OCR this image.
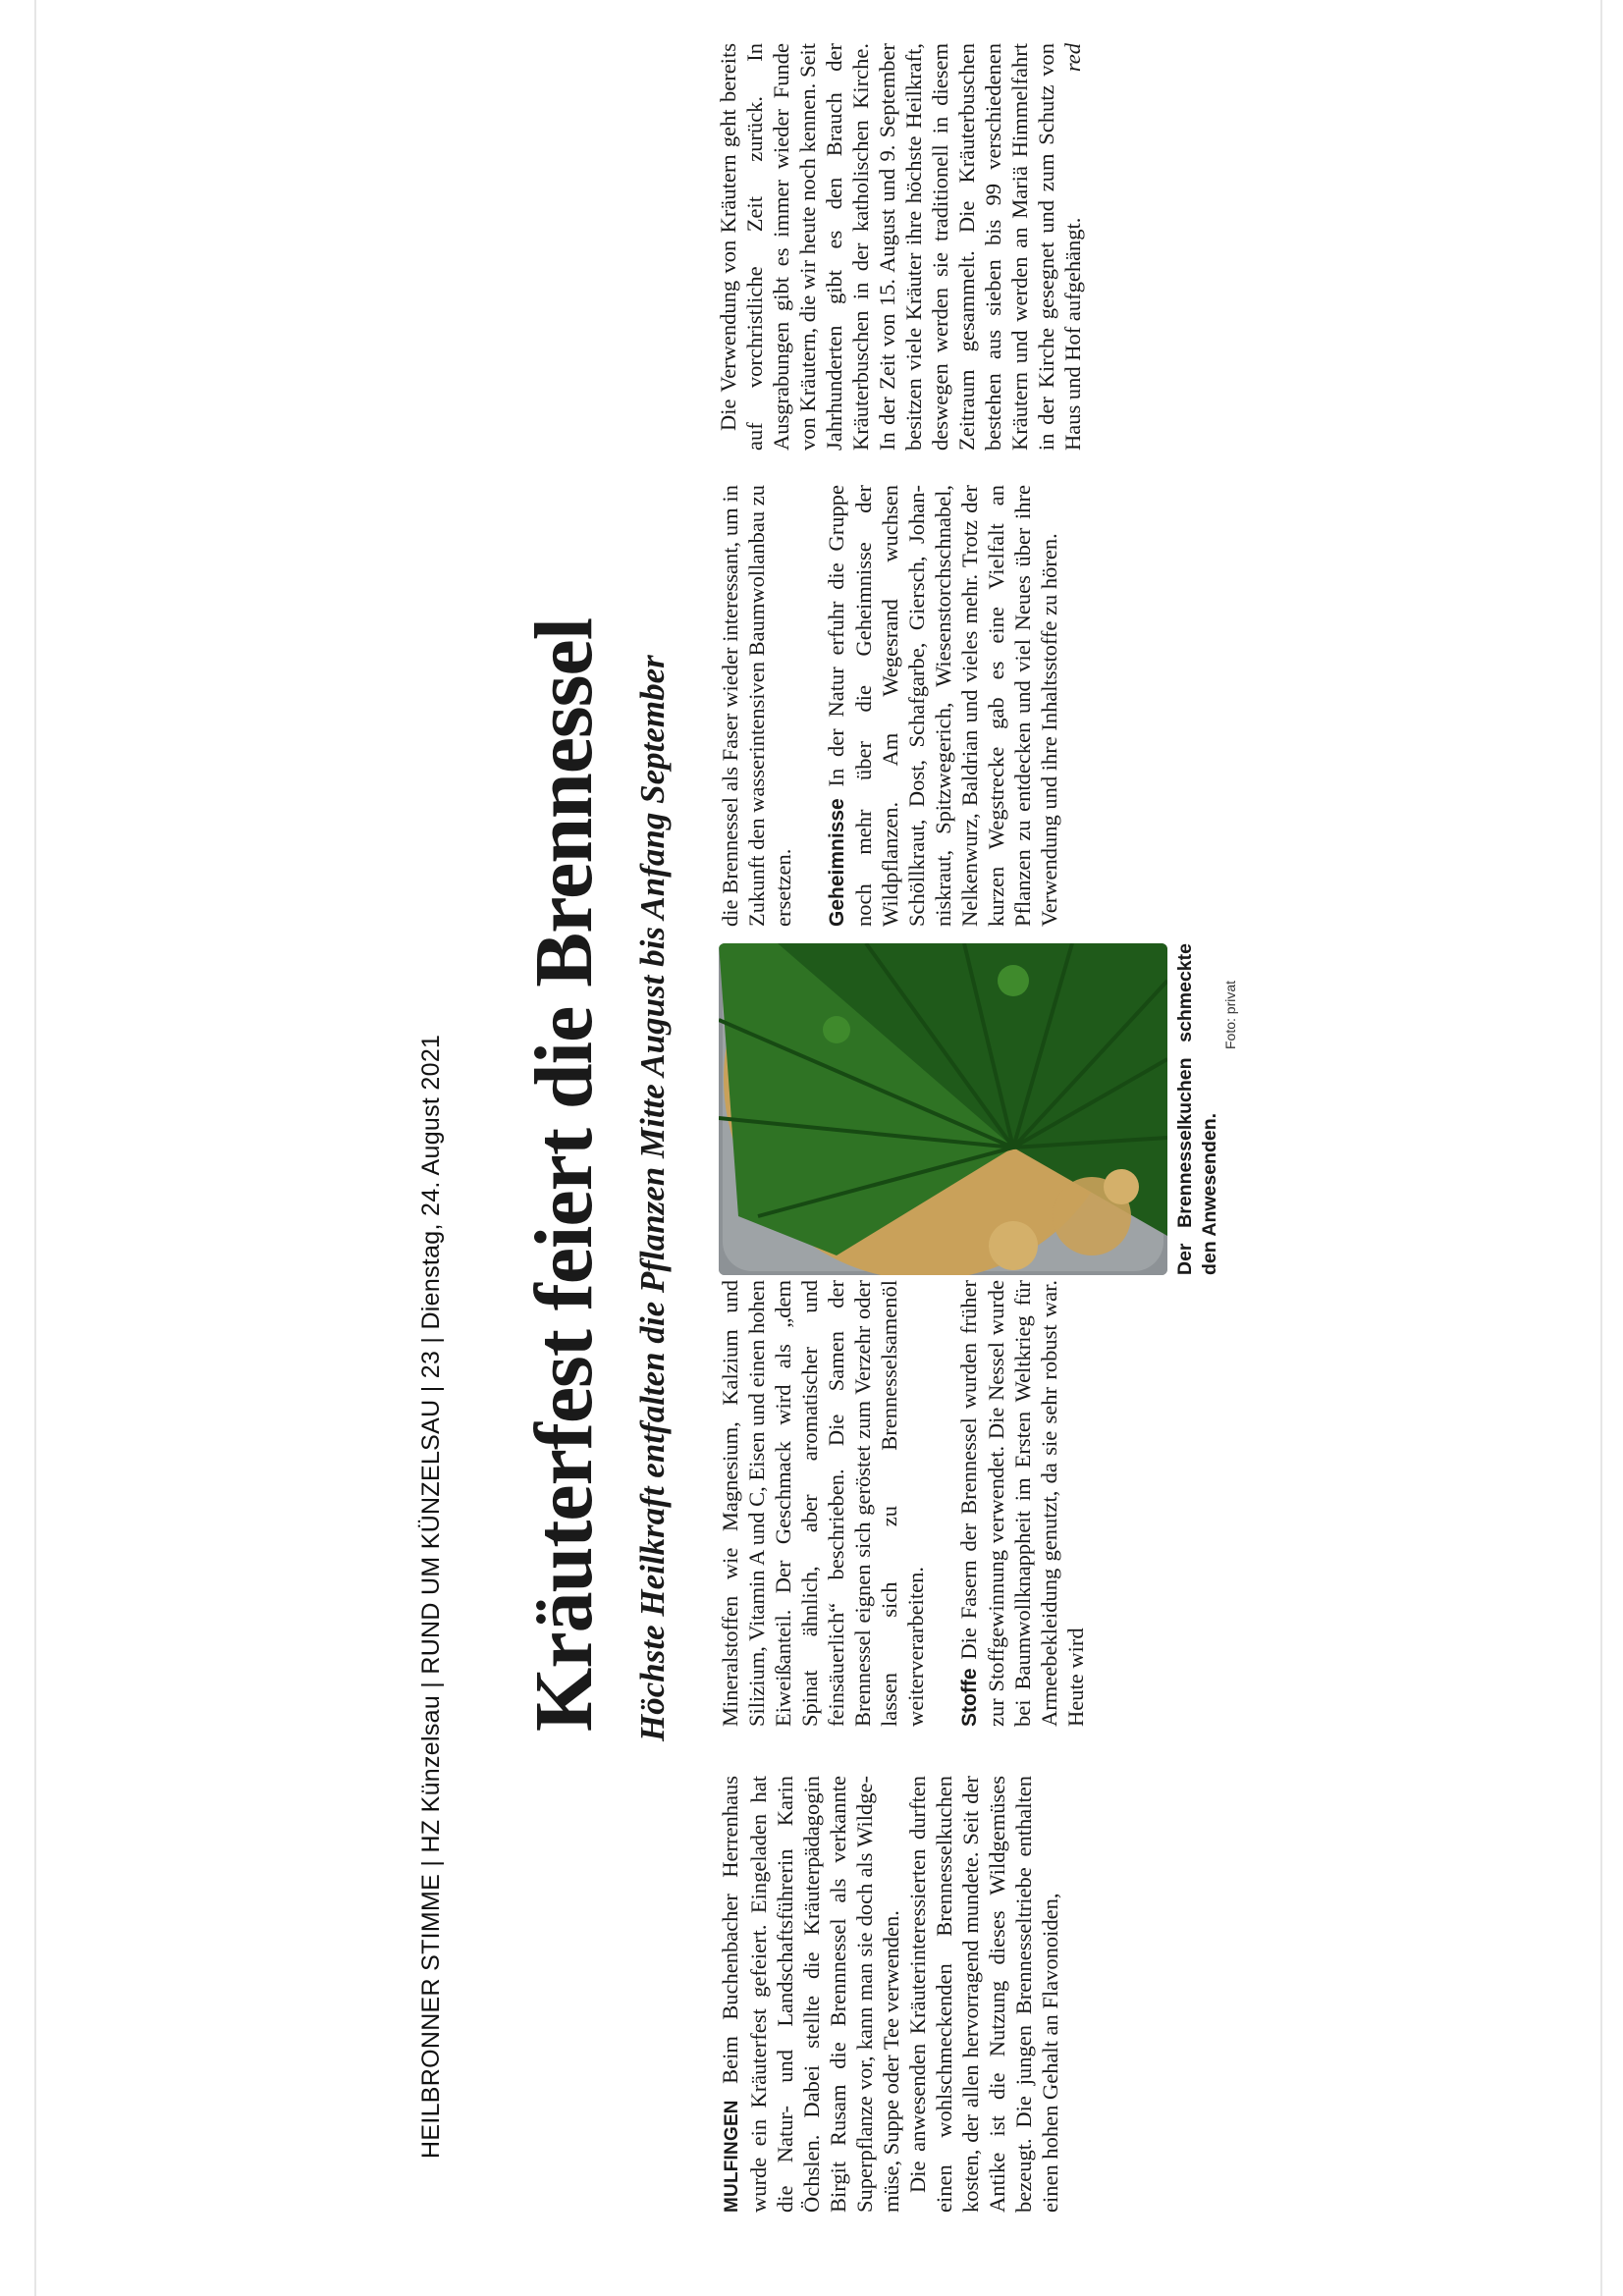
HEILBRONNER STIMME | HZ Künzelsau | RUND UM KÜNZELSAU | 23 | Dienstag, 24. August 2021 Kräuterfest feiert die Brennessel Höchste Heilkraft entfalten die Pflanzen Mitte August bis Anfang September

MULFINGEN Beim Buchenbacher Herrenhaus wurde ein Kräuterfest gefeiert. Eingeladen hat die Natur- und Landschaftsführerin Karin Öchslen. Dabei stellte die Kräuterpädagogin Birgit Rusam die Brennnessel als verkannte Superpflanze vor, kann man sie doch als Wildgemüse, Suppe oder Tee verwenden. Die anwesenden Kräuterinteressierten durften einen wohlschmeckenden Brennesselkuchen kosten, der allen hervorragend mundete. Seit der Antike ist die Nutzung dieses Wildgemüses bezeugt. Die jungen Brennesseltriebe enthalten einen hohen Gehalt an Flavonoiden,

Mineralstoffen wie Magnesium, Kalzium und Silizium, Vitamin A und C, Eisen und einen hohen Eiweißanteil. Der Geschmack wird als „dem Spinat ähnlich, aber aromatischer und feinsäuerlich“ beschrieben. Die Samen der Brennessel eignen sich geröstet zum Verzehr oder lassen sich zu Brennesselsamenöl weiterverarbeiten. Stoffe Die Fasern der Brennessel wurden früher zur Stoffgewinnung verwendet. Die Nessel wurde bei Baumwollknappheit im Ersten Weltkrieg für Armeebekleidung genutzt, da sie sehr robust war. Heute wird

Der Brennesselkuchen schmeckte den Anwesenden.
Foto: privat

die Brennessel als Faser wieder interessant, um in Zukunft den wasserintensiven Baumwollanbau zu ersetzen. Geheimnisse In der Natur erfuhr die Gruppe noch mehr über die Geheimnisse der Wildpflanzen. Am Wegesrand wuchsen Schöllkraut, Dost, Schafgarbe, Giersch, Johanniskraut, Spitzwegerich, Wiesenstorchschnabel, Nelkenwurz, Baldrian und vieles mehr. Trotz der kurzen Wegstrecke gab es eine Vielfalt an Pflanzen zu entdecken und viel Neues über ihre Verwendung und ihre Inhaltsstoffe zu hören.

Die Verwendung von Kräutern geht bereits auf vorchristliche Zeit zurück. In Ausgrabungen gibt es immer wieder Funde von Kräutern, die wir heute noch kennen. Seit Jahrhunderten gibt es den Brauch der Kräuterbuschen in der katholischen Kirche. In der Zeit von 15. August und 9. September besitzen viele Kräuter ihre höchste Heilkraft, deswegen werden sie traditionell in diesem Zeitraum gesammelt. Die Kräuterbuschen bestehen aus sieben bis 99 verschiedenen Kräutern und werden an Mariä Himmelfahrt in der Kirche gesegnet und zum Schutz von Haus und Hof aufgehängt.
red
